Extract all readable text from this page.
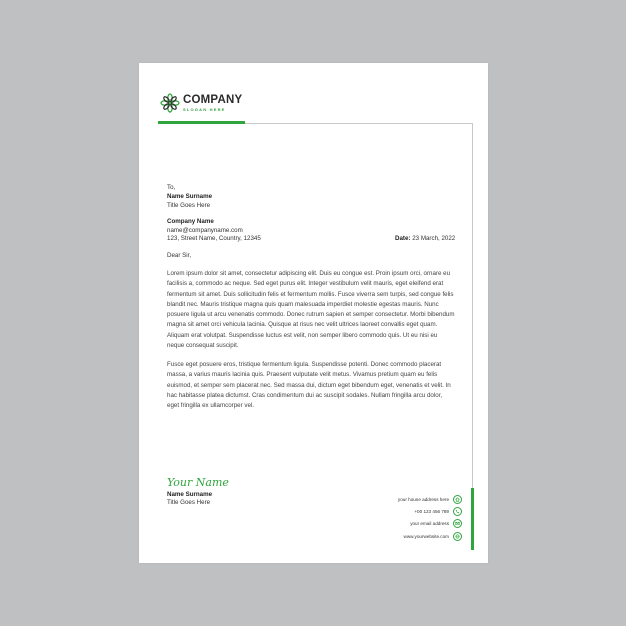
COMPANY
SLOGAN HERE
To,
Name Surname
Title Goes Here
Company Name
name@companyname.com
123, Street Name, Country, 12345	Date: 23 March, 2022
Dear Sir,
Lorem ipsum dolor sit amet, consectetur adipiscing elit. Duis eu congue est. Proin ipsum orci, ornare eu facilisis a, commodo ac neque. Sed eget purus elit. Integer vestibulum velit mauris, eget eleifend erat fermentum sit amet. Duis sollicitudin felis et fermentum mollis. Fusce viverra sem turpis, sed congue felis blandit nec. Mauris tristique magna quis quam malesuada imperdiet molestie egestas mauris. Nunc posuere ligula ut arcu venenatis commodo. Donec rutrum sapien et semper consectetur. Morbi bibendum magna sit amet orci vehicula lacinia. Quisque at risus nec velit ultrices laoreet convallis eget quam. Aliquam erat volutpat. Suspendisse luctus est velit, non semper libero commodo quis. Ut eu nisi eu neque consequat suscipit.
Fusce eget posuere eros, tristique fermentum ligula. Suspendisse potenti. Donec commodo placerat massa, a varius mauris lacinia quis. Praesent vulputate velit metus. Vivamus pretium quam eu felis euismod, et semper sem placerat nec. Sed massa dui, dictum eget bibendum eget, venenatis et velit. In hac habitasse platea dictumst. Cras condimentum dui ac suscipit sodales. Nullam fringilla arcu dolor, eget fringilla ex ullamcorper vel.
Your Name
Name Surname
Title Goes Here	your houne address here
+00 123 456 789
your email address
www.yourwebsite.com
